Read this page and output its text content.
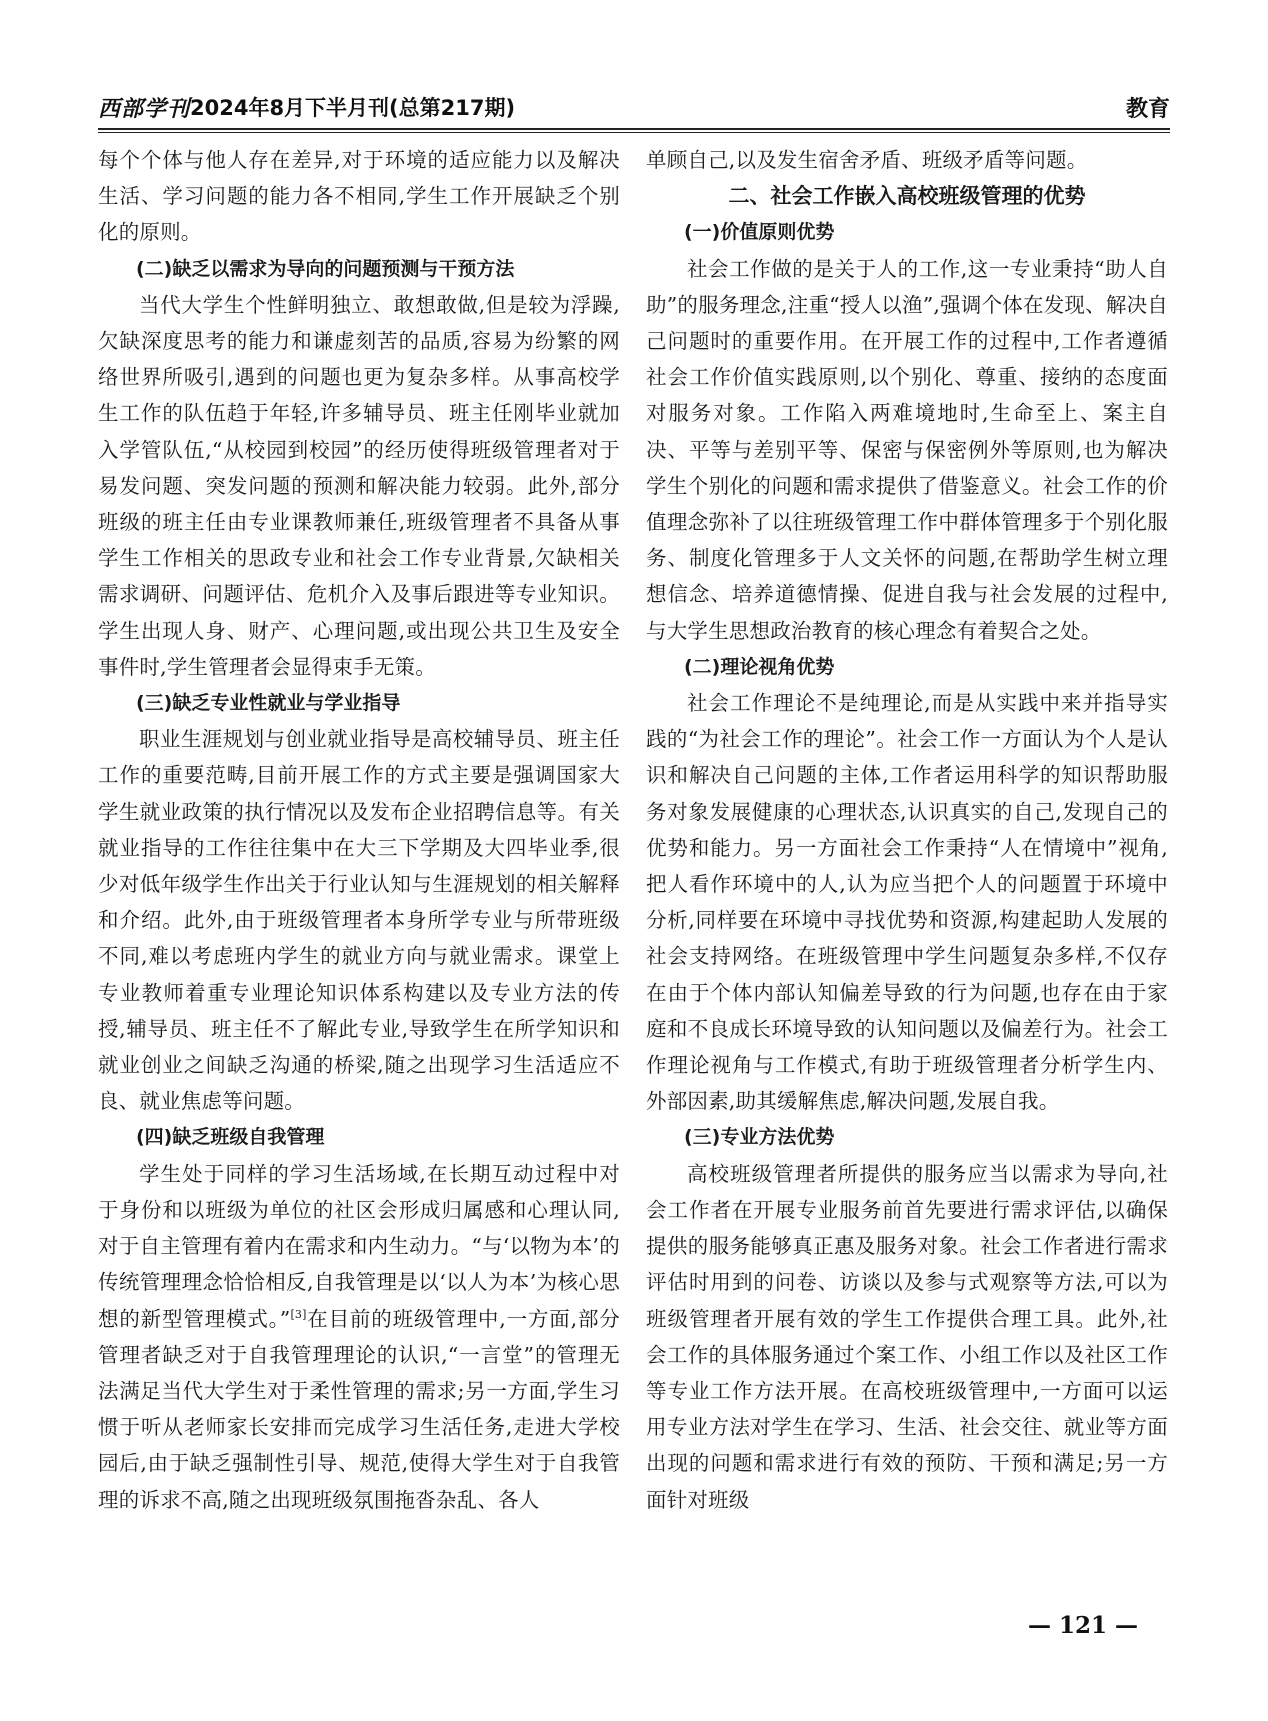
西部学刊 2024年8月下半月刊(总第217期)	教育

每个个体与他人存在差异,对于环境的适应能力以及解决生活、学习问题的能力各不相同,学生工作开展缺乏个别化的原则。

(二)缺乏以需求为导向的问题预测与干预方法

当代大学生个性鲜明独立、敢想敢做,但是较为浮躁,欠缺深度思考的能力和谦虚刻苦的品质,容易为纷繁的网络世界所吸引,遇到的问题也更为复杂多样。从事高校学生工作的队伍趋于年轻,许多辅导员、班主任刚毕业就加入学管队伍,“从校园到校园”的经历使得班级管理者对于易发问题、突发问题的预测和解决能力较弱。此外,部分班级的班主任由专业课教师兼任,班级管理者不具备从事学生工作相关的思政专业和社会工作专业背景,欠缺相关需求调研、问题评估、危机介入及事后跟进等专业知识。学生出现人身、财产、心理问题,或出现公共卫生及安全事件时,学生管理者会显得束手无策。

(三)缺乏专业性就业与学业指导

职业生涯规划与创业就业指导是高校辅导员、班主任工作的重要范畴,目前开展工作的方式主要是强调国家大学生就业政策的执行情况以及发布企业招聘信息等。有关就业指导的工作往往集中在大三下学期及大四毕业季,很少对低年级学生作出关于行业认知与生涯规划的相关解释和介绍。此外,由于班级管理者本身所学专业与所带班级不同,难以考虑班内学生的就业方向与就业需求。课堂上专业教师着重专业理论知识体系构建以及专业方法的传授,辅导员、班主任不了解此专业,导致学生在所学知识和就业创业之间缺乏沟通的桥梁,随之出现学习生活适应不良、就业焦虑等问题。

(四)缺乏班级自我管理

学生处于同样的学习生活场域,在长期互动过程中对于身份和以班级为单位的社区会形成归属感和心理认同,对于自主管理有着内在需求和内生动力。“与‘以物为本’的传统管理理念恰恰相反,自我管理是以‘以人为本’为核心思想的新型管理模式。”[3]在目前的班级管理中,一方面,部分管理者缺乏对于自我管理理论的认识,“一言堂”的管理无法满足当代大学生对于柔性管理的需求;另一方面,学生习惯于听从老师家长安排而完成学习生活任务,走进大学校园后,由于缺乏强制性引导、规范,使得大学生对于自我管理的诉求不高,随之出现班级氛围拖沓杂乱、各人

单顾自己,以及发生宿舍矛盾、班级矛盾等问题。

二、社会工作嵌入高校班级管理的优势

(一)价值原则优势

社会工作做的是关于人的工作,这一专业秉持“助人自助”的服务理念,注重“授人以渔”,强调个体在发现、解决自己问题时的重要作用。在开展工作的过程中,工作者遵循社会工作价值实践原则,以个别化、尊重、接纳的态度面对服务对象。工作陷入两难境地时,生命至上、案主自决、平等与差别平等、保密与保密例外等原则,也为解决学生个别化的问题和需求提供了借鉴意义。社会工作的价值理念弥补了以往班级管理工作中群体管理多于个别化服务、制度化管理多于人文关怀的问题,在帮助学生树立理想信念、培养道德情操、促进自我与社会发展的过程中,与大学生思想政治教育的核心理念有着契合之处。

(二)理论视角优势

社会工作理论不是纯理论,而是从实践中来并指导实践的“为社会工作的理论”。社会工作一方面认为个人是认识和解决自己问题的主体,工作者运用科学的知识帮助服务对象发展健康的心理状态,认识真实的自己,发现自己的优势和能力。另一方面社会工作秉持“人在情境中”视角,把人看作环境中的人,认为应当把个人的问题置于环境中分析,同样要在环境中寻找优势和资源,构建起助人发展的社会支持网络。在班级管理中学生问题复杂多样,不仅存在由于个体内部认知偏差导致的行为问题,也存在由于家庭和不良成长环境导致的认知问题以及偏差行为。社会工作理论视角与工作模式,有助于班级管理者分析学生内、外部因素,助其缓解焦虑,解决问题,发展自我。

(三)专业方法优势

高校班级管理者所提供的服务应当以需求为导向,社会工作者在开展专业服务前首先要进行需求评估,以确保提供的服务能够真正惠及服务对象。社会工作者进行需求评估时用到的问卷、访谈以及参与式观察等方法,可以为班级管理者开展有效的学生工作提供合理工具。此外,社会工作的具体服务通过个案工作、小组工作以及社区工作等专业工作方法开展。在高校班级管理中,一方面可以运用专业方法对学生在学习、生活、社会交往、就业等方面出现的问题和需求进行有效的预防、干预和满足;另一方面针对班级

— 121 —
